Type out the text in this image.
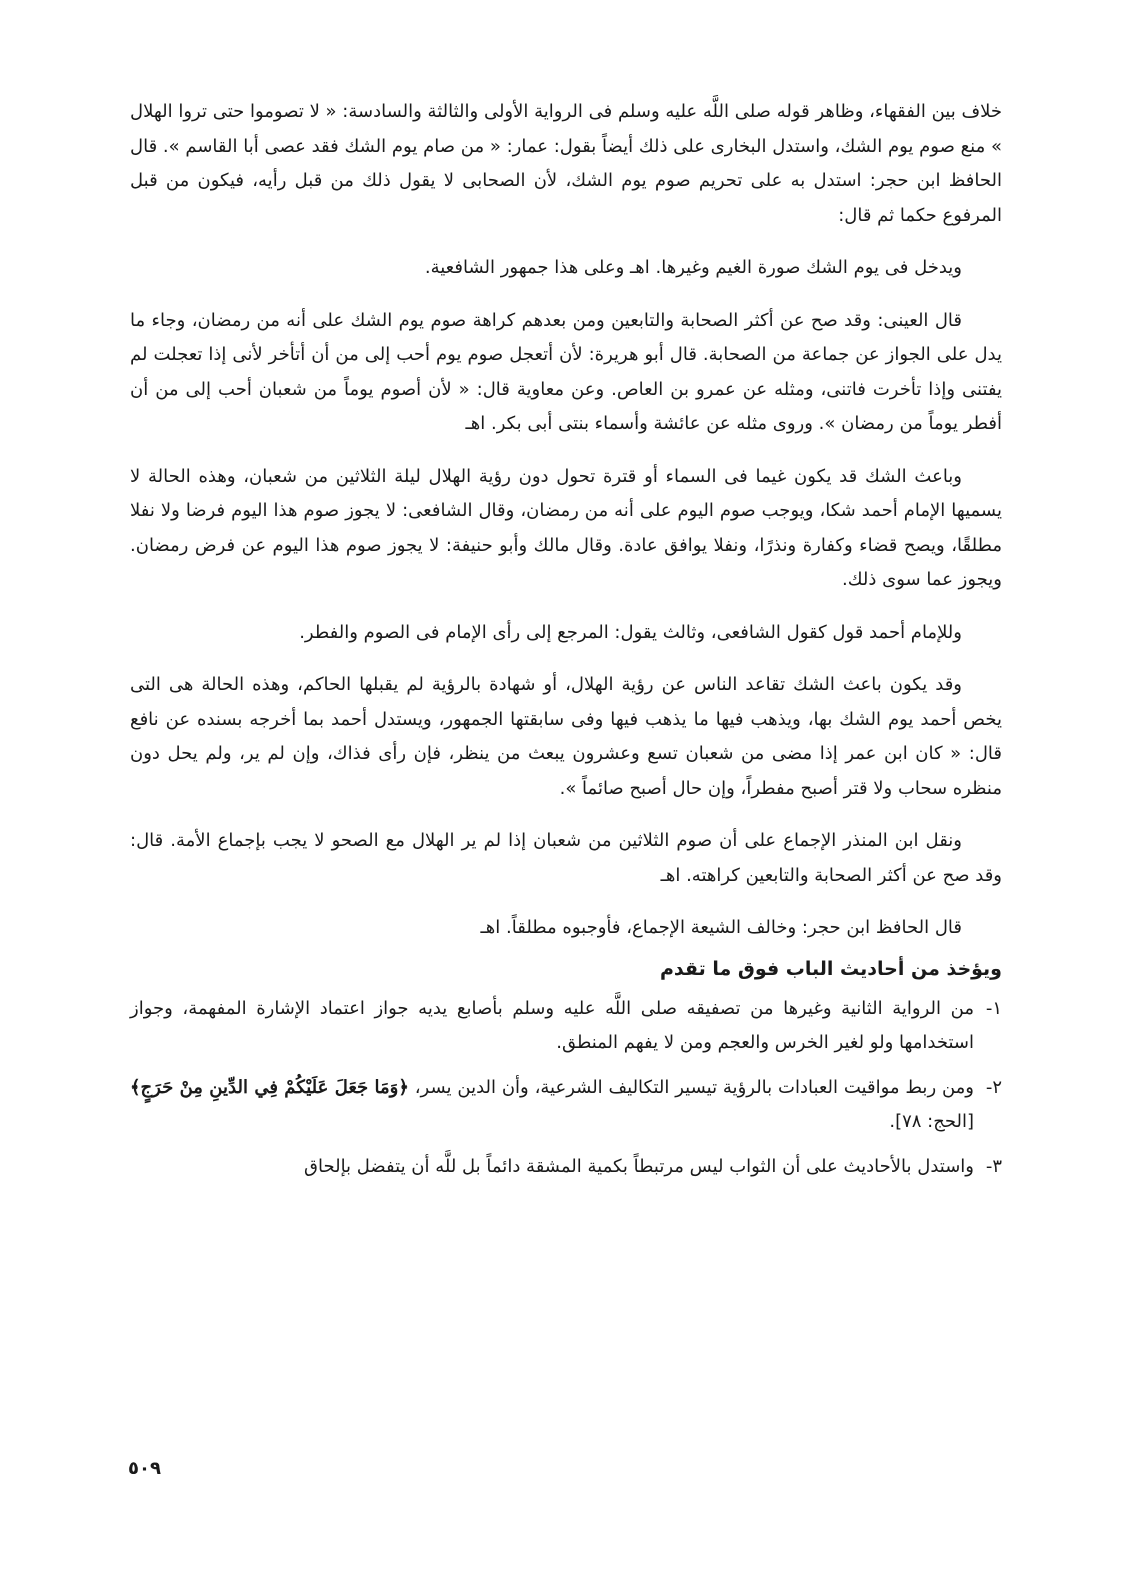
خلاف بين الفقهاء، وظاهر قوله صلى اللَّه عليه وسلم فى الرواية الأولى والثالثة والسادسة: « لا تصوموا حتى تروا الهلال » منع صوم يوم الشك، واستدل البخارى على ذلك أيضاً بقول: عمار: « من صام يوم الشك فقد عصى أبا القاسم ». قال الحافظ ابن حجر: استدل به على تحريم صوم يوم الشك، لأن الصحابى لا يقول ذلك من قبل رأيه، فيكون من قبل المرفوع حكما ثم قال:

ويدخل فى يوم الشك صورة الغيم وغيرها. اهـ وعلى هذا جمهور الشافعية.

قال العينى: وقد صح عن أكثر الصحابة والتابعين ومن بعدهم كراهة صوم يوم الشك على أنه من رمضان، وجاء ما يدل على الجواز عن جماعة من الصحابة. قال أبو هريرة: لأن أتعجل صوم يوم أحب إلى من أن أتأخر لأنى إذا تعجلت لم يفتنى وإذا تأخرت فاتنى، ومثله عن عمرو بن العاص. وعن معاوية قال: « لأن أصوم يوماً من شعبان أحب إلى من أن أفطر يوماً من رمضان ». وروى مثله عن عائشة وأسماء بنتى أبى بكر. اهـ

وباعث الشك قد يكون غيما فى السماء أو قترة تحول دون رؤية الهلال ليلة الثلاثين من شعبان، وهذه الحالة لا يسميها الإمام أحمد شكا، ويوجب صوم اليوم على أنه من رمضان، وقال الشافعى: لا يجوز صوم هذا اليوم فرضا ولا نفلا مطلقًا، ويصح قضاء وكفارة ونذرًا، ونفلا يوافق عادة. وقال مالك وأبو حنيفة: لا يجوز صوم هذا اليوم عن فرض رمضان. ويجوز عما سوى ذلك.

وللإمام أحمد قول كقول الشافعى، وثالث يقول: المرجع إلى رأى الإمام فى الصوم والفطر.

وقد يكون باعث الشك تقاعد الناس عن رؤية الهلال، أو شهادة بالرؤية لم يقبلها الحاكم، وهذه الحالة هى التى يخص أحمد يوم الشك بها، ويذهب فيها ما يذهب فيها وفى سابقتها الجمهور، ويستدل أحمد بما أخرجه بسنده عن نافع قال: « كان ابن عمر إذا مضى من شعبان تسع وعشرون يبعث من ينظر، فإن رأى فذاك، وإن لم ير، ولم يحل دون منظره سحاب ولا قتر أصبح مفطراً، وإن حال أصبح صائماً ».

ونقل ابن المنذر الإجماع على أن صوم الثلاثين من شعبان إذا لم ير الهلال مع الصحو لا يجب بإجماع الأمة. قال: وقد صح عن أكثر الصحابة والتابعين كراهته. اهـ

قال الحافظ ابن حجر: وخالف الشيعة الإجماع، فأوجبوه مطلقاً. اهـ

ويؤخذ من أحاديث الباب فوق ما تقدم
١-
من الرواية الثانية وغيرها من تصفيقه صلى اللَّه عليه وسلم بأصابع يديه جواز اعتماد الإشارة المفهمة، وجواز استخدامها ولو لغير الخرس والعجم ومن لا يفهم المنطق.
٢-
ومن ربط مواقيت العبادات بالرؤية تيسير التكاليف الشرعية، وأن الدين يسر، ﴿وَمَا جَعَلَ عَلَيْكُمْ فِي الدِّينِ مِنْ حَرَجٍ﴾ [الحج: ٧٨].
٣-
واستدل بالأحاديث على أن الثواب ليس مرتبطاً بكمية المشقة دائماً بل للَّه أن يتفضل بإلحاق
٥٠٩
